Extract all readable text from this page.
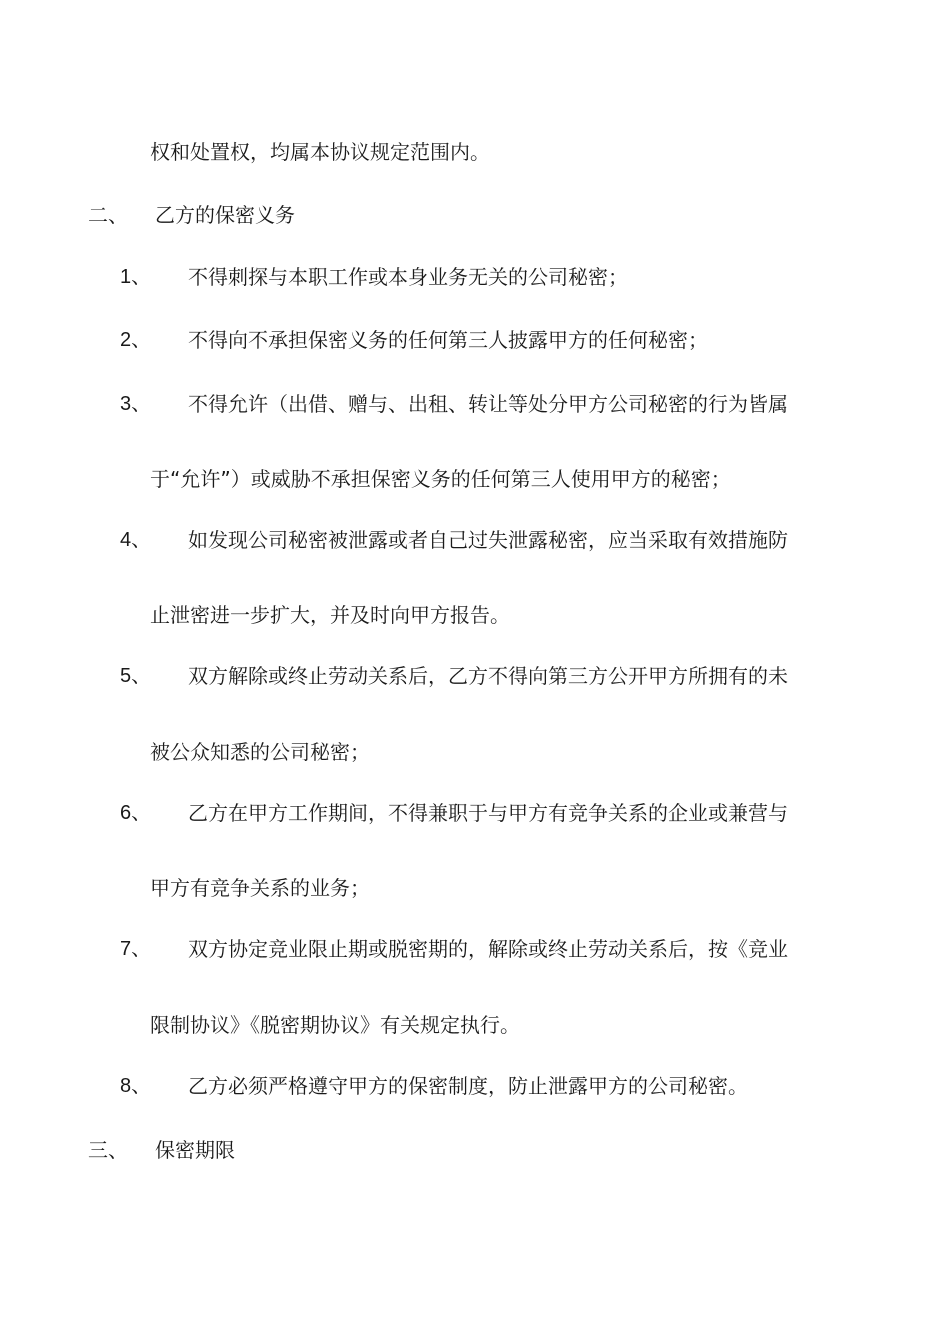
权和处置权，均属本协议规定范围内。
二、 乙方的保密义务
1、 不得刺探与本职工作或本身业务无关的公司秘密；
2、 不得向不承担保密义务的任何第三人披露甲方的任何秘密；
3、 不得允许（出借、赠与、出租、转让等处分甲方公司秘密的行为皆属
于“允许”）或威胁不承担保密义务的任何第三人使用甲方的秘密；
4、 如发现公司秘密被泄露或者自己过失泄露秘密，应当采取有效措施防
止泄密进一步扩大，并及时向甲方报告。
5、 双方解除或终止劳动关系后，乙方不得向第三方公开甲方所拥有的未
被公众知悉的公司秘密；
6、 乙方在甲方工作期间，不得兼职于与甲方有竞争关系的企业或兼营与
甲方有竞争关系的业务；
7、 双方协定竞业限止期或脱密期的，解除或终止劳动关系后，按《竞业
限制协议》《脱密期协议》有关规定执行。
8、 乙方必须严格遵守甲方的保密制度，防止泄露甲方的公司秘密。
三、 保密期限
